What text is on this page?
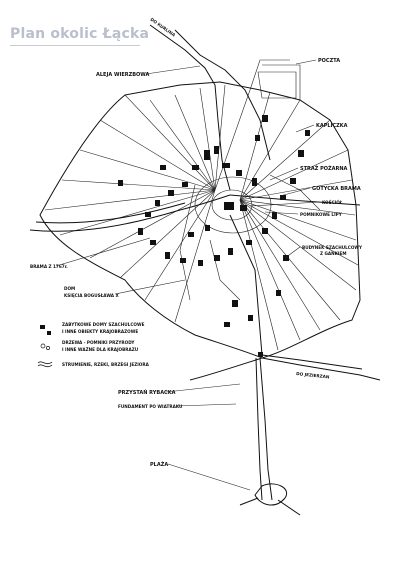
Plan okolic Łącka DO KURLINA
ALEJA WIERZBOWA
POCZTA
KAPLICZKA
STRAŻ POŻARNA
GOTYCKA BRAMA
KOŚCIÓŁ
POMNIKOWE LIPY
BUDYNEK SZACHULCOWY
Z GANKIEM
BRAMA Z 1767r.
DOM
KSIĘCIA BOGUSŁAWA X
DO JEZIERZAN
PRZYSTAŃ RYBACKA
FUNDAMENT PO WIATRAKU
PLAŻA
ZABYTKOWE DOMY SZACHULCOWE
I INNE OBIEKTY KRAJOBRAZOWE
DRZEWA - POMNIKI PRZYRODY
I INNE WAŻNE DLA KRAJOBRAZU
STRUMIENIE, RZEKI, BRZEGI JEZIORA
